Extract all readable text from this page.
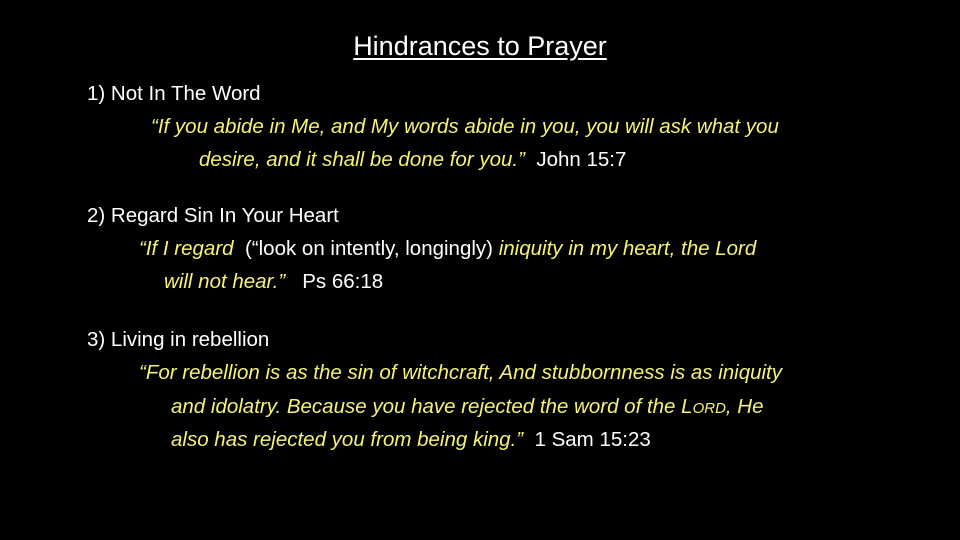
Hindrances to Prayer
1) Not In The Word
“If you abide in Me, and My words abide in you, you will ask what you
desire, and it shall be done for you.” John 15:7
2) Regard Sin In Your Heart
“If I regard (“look on intently, longingly) iniquity in my heart, the Lord
will not hear.” Ps 66:18
3) Living in rebellion
“For rebellion is as the sin of witchcraft, And stubbornness is as iniquity
and idolatry. Because you have rejected the word of the LORD, He
also has rejected you from being king.” 1 Sam 15:23
